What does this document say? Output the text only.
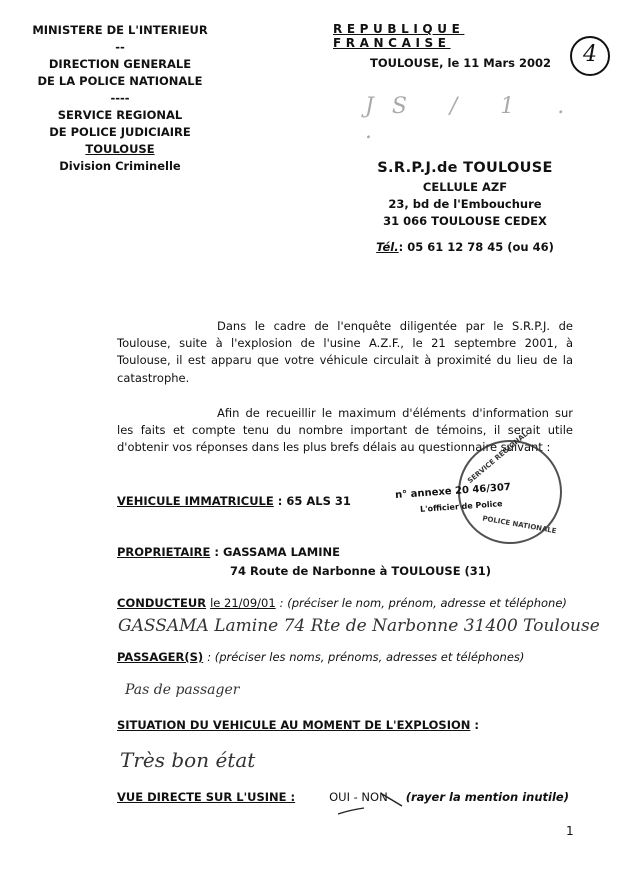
MINISTERE DE L'INTERIEUR
--
DIRECTION GENERALE
DE LA POLICE NATIONALE
----
SERVICE REGIONAL
DE POLICE JUDICIAIRE
TOULOUSE
Division Criminelle
REPUBLIQUE FRANCAISE
TOULOUSE, le 11 Mars 2002	4
JS / 1 . .
S.R.P.J.de TOULOUSE
CELLULE AZF
23, bd de l'Embouchure
31 066 TOULOUSE CEDEX
Tél.: 05 61 12 78 45 (ou 46)
Dans le cadre de l'enquête diligentée par le S.R.P.J. de Toulouse, suite à l'explosion de l'usine A.Z.F., le 21 septembre 2001, à Toulouse, il est apparu que votre véhicule circulait à proximité du lieu de la catastrophe.
Afin de recueillir le maximum d'éléments d'information sur les faits et compte tenu du nombre important de témoins, il serait utile d'obtenir vos réponses dans les plus brefs délais au questionnaire suivant :
SERVICE REGIONAL
POLICE NATIONALE
n° annexe 20 46/307
L'officier de Police
VEHICULE IMMATRICULE : 65 ALS 31
PROPRIETAIRE : GASSAMA LAMINE
74 Route de Narbonne à TOULOUSE (31)
CONDUCTEUR le 21/09/01 : (préciser le nom, prénom, adresse et téléphone)
GASSAMA Lamine 74 Rte de Narbonne 31400 Toulouse
PASSAGER(S) : (préciser les noms, prénoms, adresses et téléphones)
Pas de passager
SITUATION DU VEHICULE AU MOMENT DE L'EXPLOSION :
Très bon état
VUE DIRECTE SUR L'USINE :	OUI - NON (rayer la mention inutile)
1
